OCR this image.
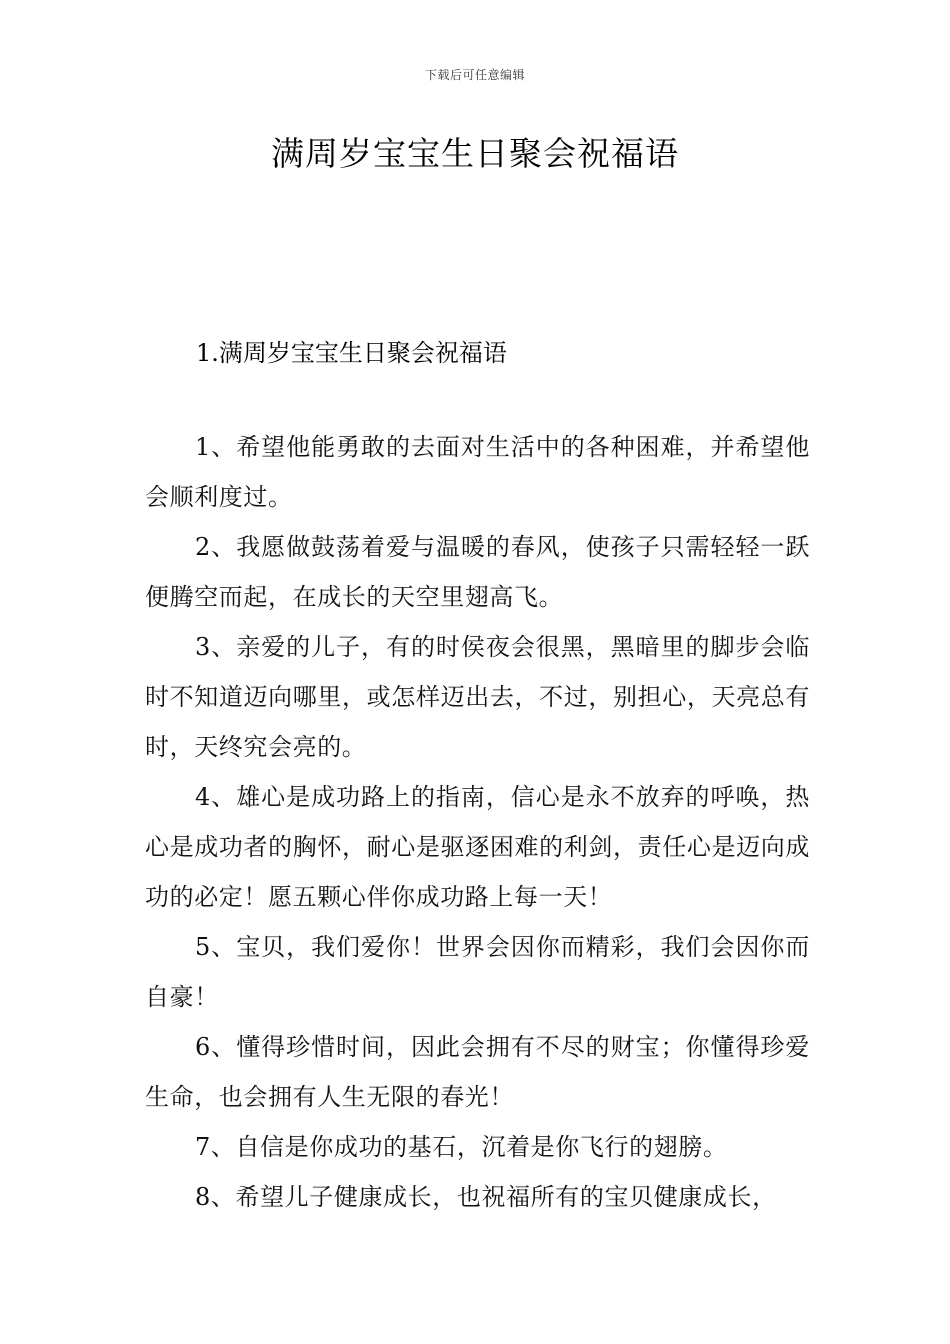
下载后可任意编辑
满周岁宝宝生日聚会祝福语
1.满周岁宝宝生日聚会祝福语

1、希望他能勇敢的去面对生活中的各种困难，并希望他会顺利度过。

2、我愿做鼓荡着爱与温暖的春风，使孩子只需轻轻一跃便腾空而起，在成长的天空里翅高飞。

3、亲爱的儿子，有的时侯夜会很黑，黑暗里的脚步会临时不知道迈向哪里，或怎样迈出去，不过，别担心，天亮总有时，天终究会亮的。

4、雄心是成功路上的指南，信心是永不放弃的呼唤，热心是成功者的胸怀，耐心是驱逐困难的利剑，责任心是迈向成功的必定！愿五颗心伴你成功路上每一天！

5、宝贝，我们爱你！世界会因你而精彩，我们会因你而自豪！

6、懂得珍惜时间，因此会拥有不尽的财宝；你懂得珍爱生命，也会拥有人生无限的春光！

7、自信是你成功的基石，沉着是你飞行的翅膀。

8、希望儿子健康成长，也祝福所有的宝贝健康成长，
